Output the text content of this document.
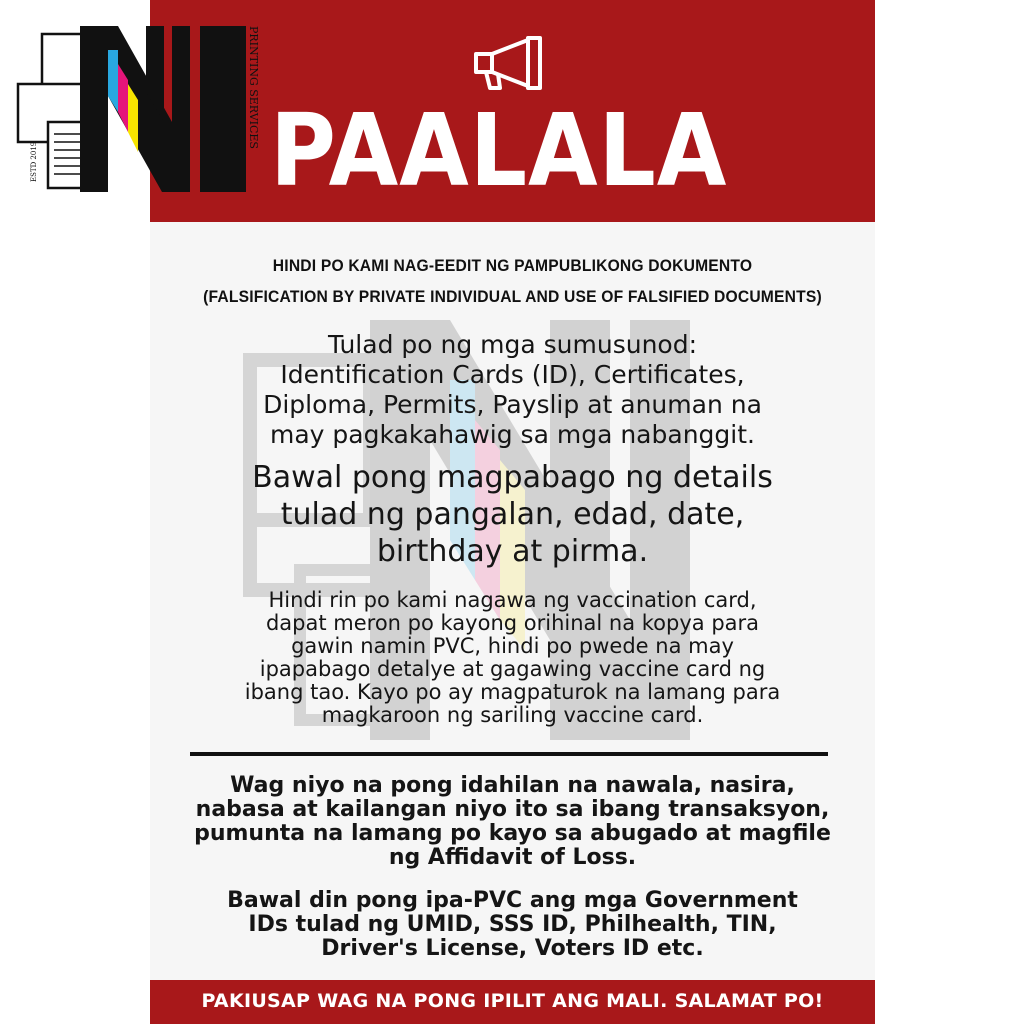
PAALALA
HINDI PO KAMI NAG-EEDIT NG PAMPUBLIKONG DOKUMENTO
(FALSIFICATION BY PRIVATE INDIVIDUAL AND USE OF FALSIFIED DOCUMENTS)
Tulad po ng mga sumusunod:
Identification Cards (ID), Certificates,
Diploma, Permits, Payslip at anuman na
may pagkakahawig sa mga nabanggit.
Bawal pong magpabago ng details
tulad ng pangalan, edad, date,
birthday at pirma.
Hindi rin po kami nagawa ng vaccination card,
dapat meron po kayong orihinal na kopya para
gawin namin PVC, hindi po pwede na may
ipapabago detalye at gagawing vaccine card ng
ibang tao. Kayo po ay magpaturok na lamang para
magkaroon ng sariling vaccine card.
Wag niyo na pong idahilan na nawala, nasira,
nabasa at kailangan niyo ito sa ibang transaksyon,
pumunta na lamang po kayo sa abugado at magfile
ng Affidavit of Loss.
Bawal din pong ipa-PVC ang mga Government
IDs tulad ng UMID, SSS ID, Philhealth, TIN,
Driver's License, Voters ID etc.
PAKIUSAP WAG NA PONG IPILIT ANG MALI. SALAMAT PO!
ESTD 2019
PRINTING SERVICES
